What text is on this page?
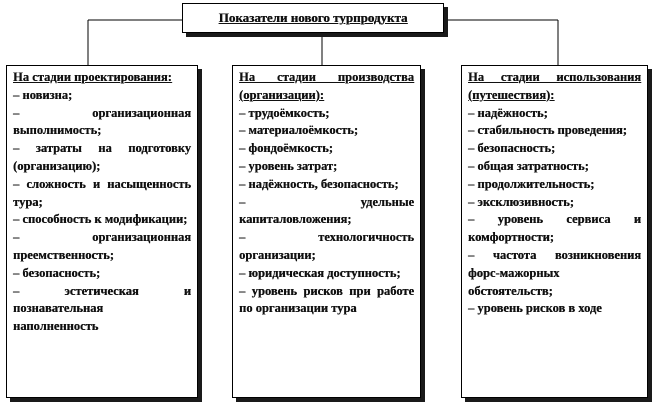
Показатели нового турпродукта
На стадии проектирования:
– новизна;
– организационная выполнимость;
– затраты на подготовку (организацию);
– сложность и насыщенность тура;
– способность к модификации;
– организационная преемственность;
– безопасность;
– эстетическая и познавательная наполненность
На стадии производства (организации):
– трудоёмкость;
– материалоёмкость;
– фондоёмкость;
– уровень затрат;
– надёжность, безопасность;
– удельные капиталовложения;
– технологичность организации;
– юридическая доступность;
– уровень рисков при работе по организации тура
На стадии использования (путешествия):
– надёжность;
– стабильность проведения;
– безопасность;
– общая затратность;
– продолжительность;
– эксклюзивность;
– уровень сервиса и комфортности;
– частота возникновения форс-мажорных обстоятельств;
– уровень рисков в ходе
